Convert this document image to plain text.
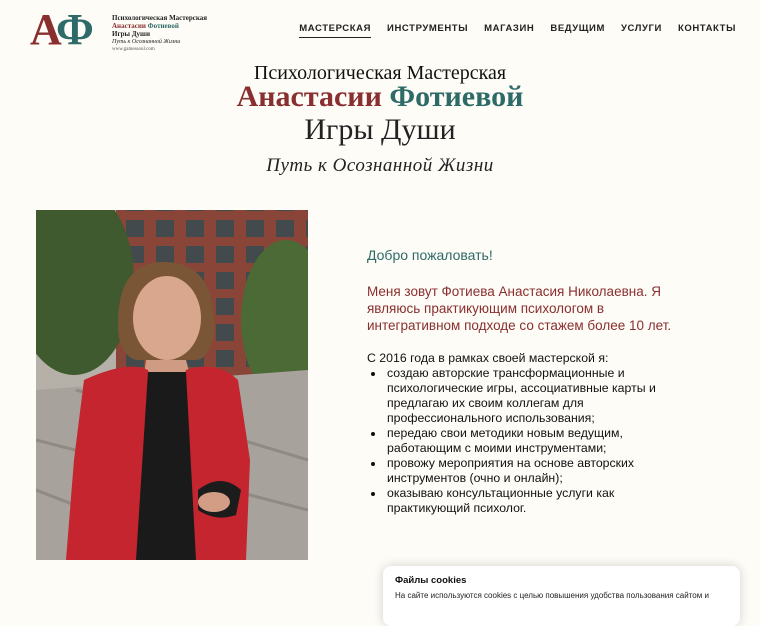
АФ	Психологическая Мастерская
Анастасии Фотиевой
Игры Души
Путь к Осознанной Жизни
www.gamessoul.com
МАСТЕРСКАЯ ИНСТРУМЕНТЫ МАГАЗИН ВЕДУЩИМ УСЛУГИ КОНТАКТЫ
Психологическая Мастерская
Анастасии Фотиевой
Игры Души
Путь к Осознанной Жизни

Добро пожаловать!

Меня зовут Фотиева Анастасия Николаевна. Я являюсь практикующим психологом в интегративном подходе со стажем более 10 лет.

С 2016 года в рамках своей мастерской я:

• создаю авторские трансформационные и психологические игры, ассоциативные карты и предлагаю их своим коллегам для профессионального использования;
• передаю свои методики новым ведущим, работающим с моими инструментами;
• провожу мероприятия на основе авторских инструментов (очно и онлайн);
• оказываю консультационные услуги как практикующий психолог.
Файлы cookies
На сайте используются cookies с целью повышения удобства пользования сайтом и
